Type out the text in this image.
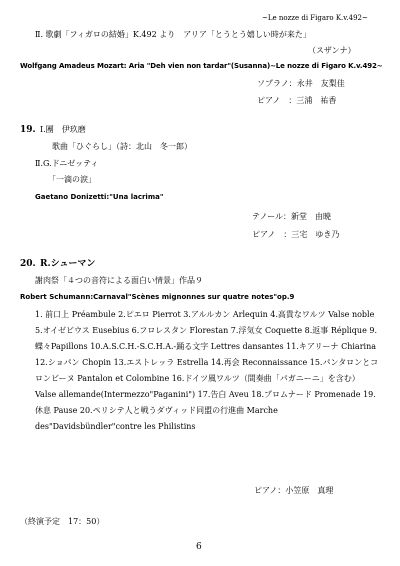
~Le nozze di Figaro K.v.492~
Ⅱ. 歌劇「フィガロの結婚」K.492 より　アリア「とうとう嬉しい時が来た」
（スザンナ）
Wolfgang Amadeus Mozart: Aria "Deh vien non tardar"(Susanna)~Le nozze di Figaro K.v.492~
ソプラノ：永井　友梨佳
ピアノ　：三浦　祐香
19. Ⅰ.團　伊玖磨
歌曲「ひぐらし」（詩：北山　冬一郎）
Ⅱ.G.ドニゼッティ
「一滴の涙」
Gaetano Donizetti:"Una lacrima"
テノール：新堂　由暁
ピアノ　：三宅　ゆき乃
20. R.シューマン
謝肉祭「４つの音符による面白い情景」作品９
Robert Schumann:Carnaval"Scènes mignonnes sur quatre notes"op.9
1. 前口上 Préambule 2.ピエロ Pierrot 3.アルルカン Arlequin 4.高貴なワルツ Valse noble 5.オイゼビウス Eusebius 6.フロレスタン Florestan 7.浮気女 Coquette 8.返事 Réplique 9.蝶々Papillons 10.A.S.C.H.-S.C.H.A.-踊る文字 Lettres dansantes 11.キアリーナ Chiarina 12.ショパン Chopin 13.エストレッラ Estrella 14.再会 Reconnaissance 15.パンタロンとコロンビーヌ Pantalon et Colombine 16.ドイツ風ワルツ（間奏曲「パガニーニ」を含む）Valse allemande(Intermezzo"Paganini") 17.告白 Aveu 18.プロムナード Promenade 19.休息 Pause 20.ペリシテ人と戦うダヴィッド同盟の行進曲 Marche des"Davidsbündler"contre les Philistins
ピアノ：小笠原　真理
（終演予定　17：50）
6
